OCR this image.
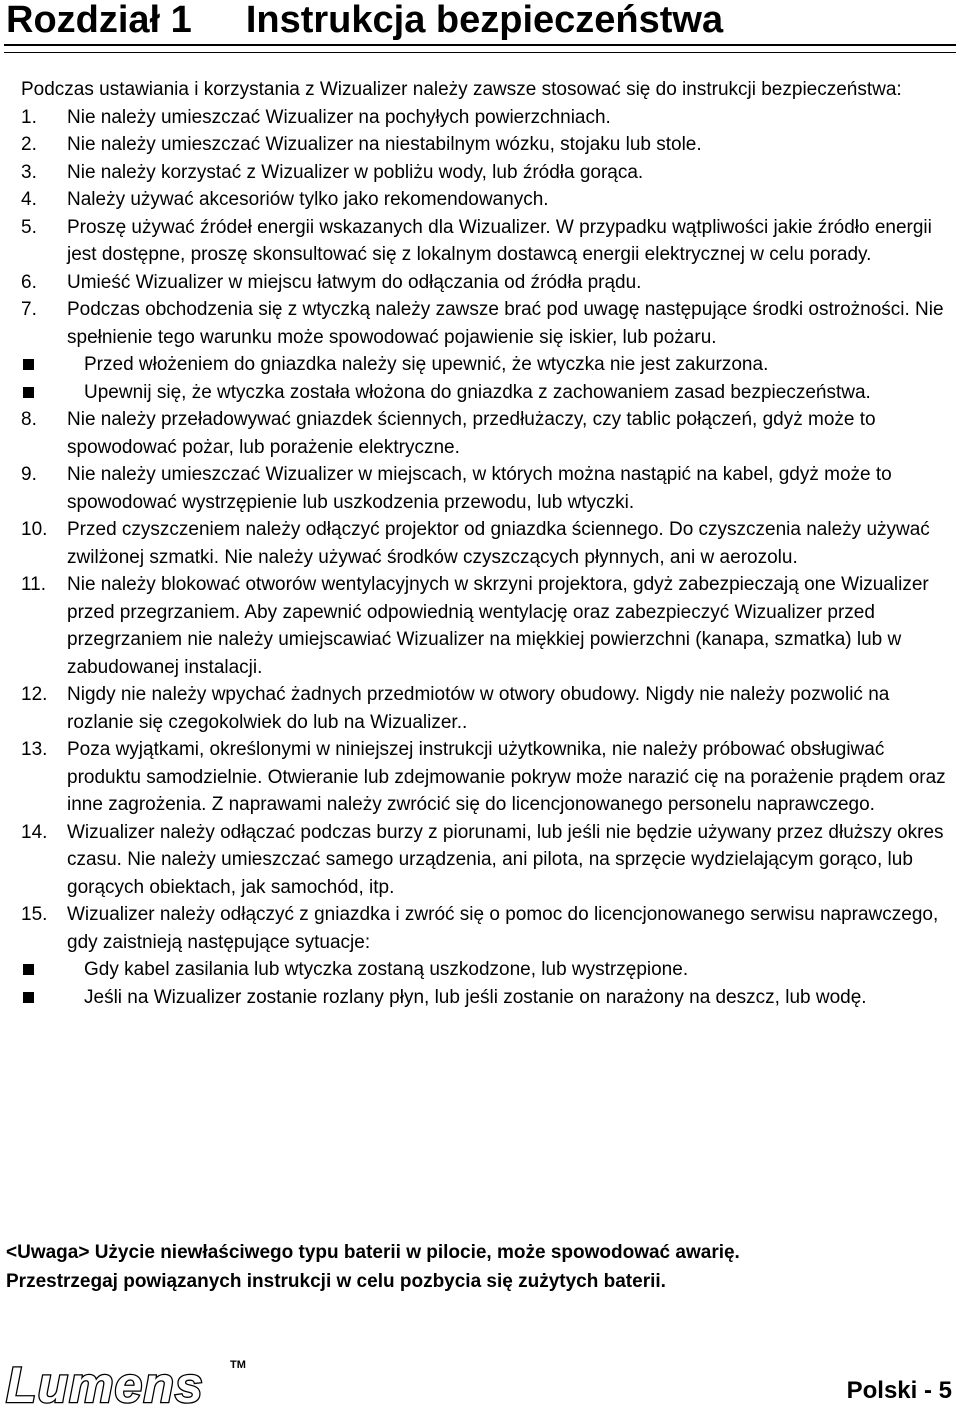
Rozdział 1 Instrukcja bezpieczeństwa

Podczas ustawiania i korzystania z Wizualizer należy zawsze stosować się do instrukcji bezpieczeństwa:

1. Nie należy umieszczać Wizualizer na pochyłych powierzchniach.
2. Nie należy umieszczać Wizualizer na niestabilnym wózku, stojaku lub stole.
3. Nie należy korzystać z Wizualizer w pobliżu wody, lub źródła gorąca.
4. Należy używać akcesoriów tylko jako rekomendowanych.
5. Proszę używać źródeł energii wskazanych dla Wizualizer. W przypadku wątpliwości jakie źródło energii jest dostępne, proszę skonsultować się z lokalnym dostawcą energii elektrycznej w celu porady.
6. Umieść Wizualizer w miejscu łatwym do odłączania od źródła prądu.
7. Podczas obchodzenia się z wtyczką należy zawsze brać pod uwagę następujące środki ostrożności. Nie spełnienie tego warunku może spowodować pojawienie się iskier, lub pożaru.
Przed włożeniem do gniazdka należy się upewnić, że wtyczka nie jest zakurzona.
Upewnij się, że wtyczka została włożona do gniazdka z zachowaniem zasad bezpieczeństwa.
8. Nie należy przeładowywać gniazdek ściennych, przedłużaczy, czy tablic połączeń, gdyż może to spowodować pożar, lub porażenie elektryczne.
9. Nie należy umieszczać Wizualizer w miejscach, w których można nastąpić na kabel, gdyż może to spowodować wystrzępienie lub uszkodzenia przewodu, lub wtyczki.
10. Przed czyszczeniem należy odłączyć projektor od gniazdka ściennego. Do czyszczenia należy używać zwilżonej szmatki. Nie należy używać środków czyszczących płynnych, ani w aerozolu.
11. Nie należy blokować otworów wentylacyjnych w skrzyni projektora, gdyż zabezpieczają one Wizualizer przed przegrzaniem. Aby zapewnić odpowiednią wentylację oraz zabezpieczyć Wizualizer przed przegrzaniem nie należy umiejscawiać Wizualizer na miękkiej powierzchni (kanapa, szmatka) lub w zabudowanej instalacji.
12. Nigdy nie należy wpychać żadnych przedmiotów w otwory obudowy. Nigdy nie należy pozwolić na rozlanie się czegokolwiek do lub na Wizualizer..
13. Poza wyjątkami, określonymi w niniejszej instrukcji użytkownika, nie należy próbować obsługiwać produktu samodzielnie. Otwieranie lub zdejmowanie pokryw może narazić cię na porażenie prądem oraz inne zagrożenia. Z naprawami należy zwrócić się do licencjonowanego personelu naprawczego.
14. Wizualizer należy odłączać podczas burzy z piorunami, lub jeśli nie będzie używany przez dłuższy okres czasu. Nie należy umieszczać samego urządzenia, ani pilota, na sprzęcie wydzielającym gorąco, lub gorących obiektach, jak samochód, itp.
15. Wizualizer należy odłączyć z gniazdka i zwróć się o pomoc do licencjonowanego serwisu naprawczego, gdy zaistnieją następujące sytuacje:
Gdy kabel zasilania lub wtyczka zostaną uszkodzone, lub wystrzępione.
Jeśli na Wizualizer zostanie rozlany płyn, lub jeśli zostanie on narażony na deszcz, lub wodę.

<Uwaga> Użycie niewłaściwego typu baterii w pilocie, może spowodować awarię.

Przestrzegaj powiązanych instrukcji w celu pozbycia się zużytych baterii.

Lumens TM
Polski - 5
